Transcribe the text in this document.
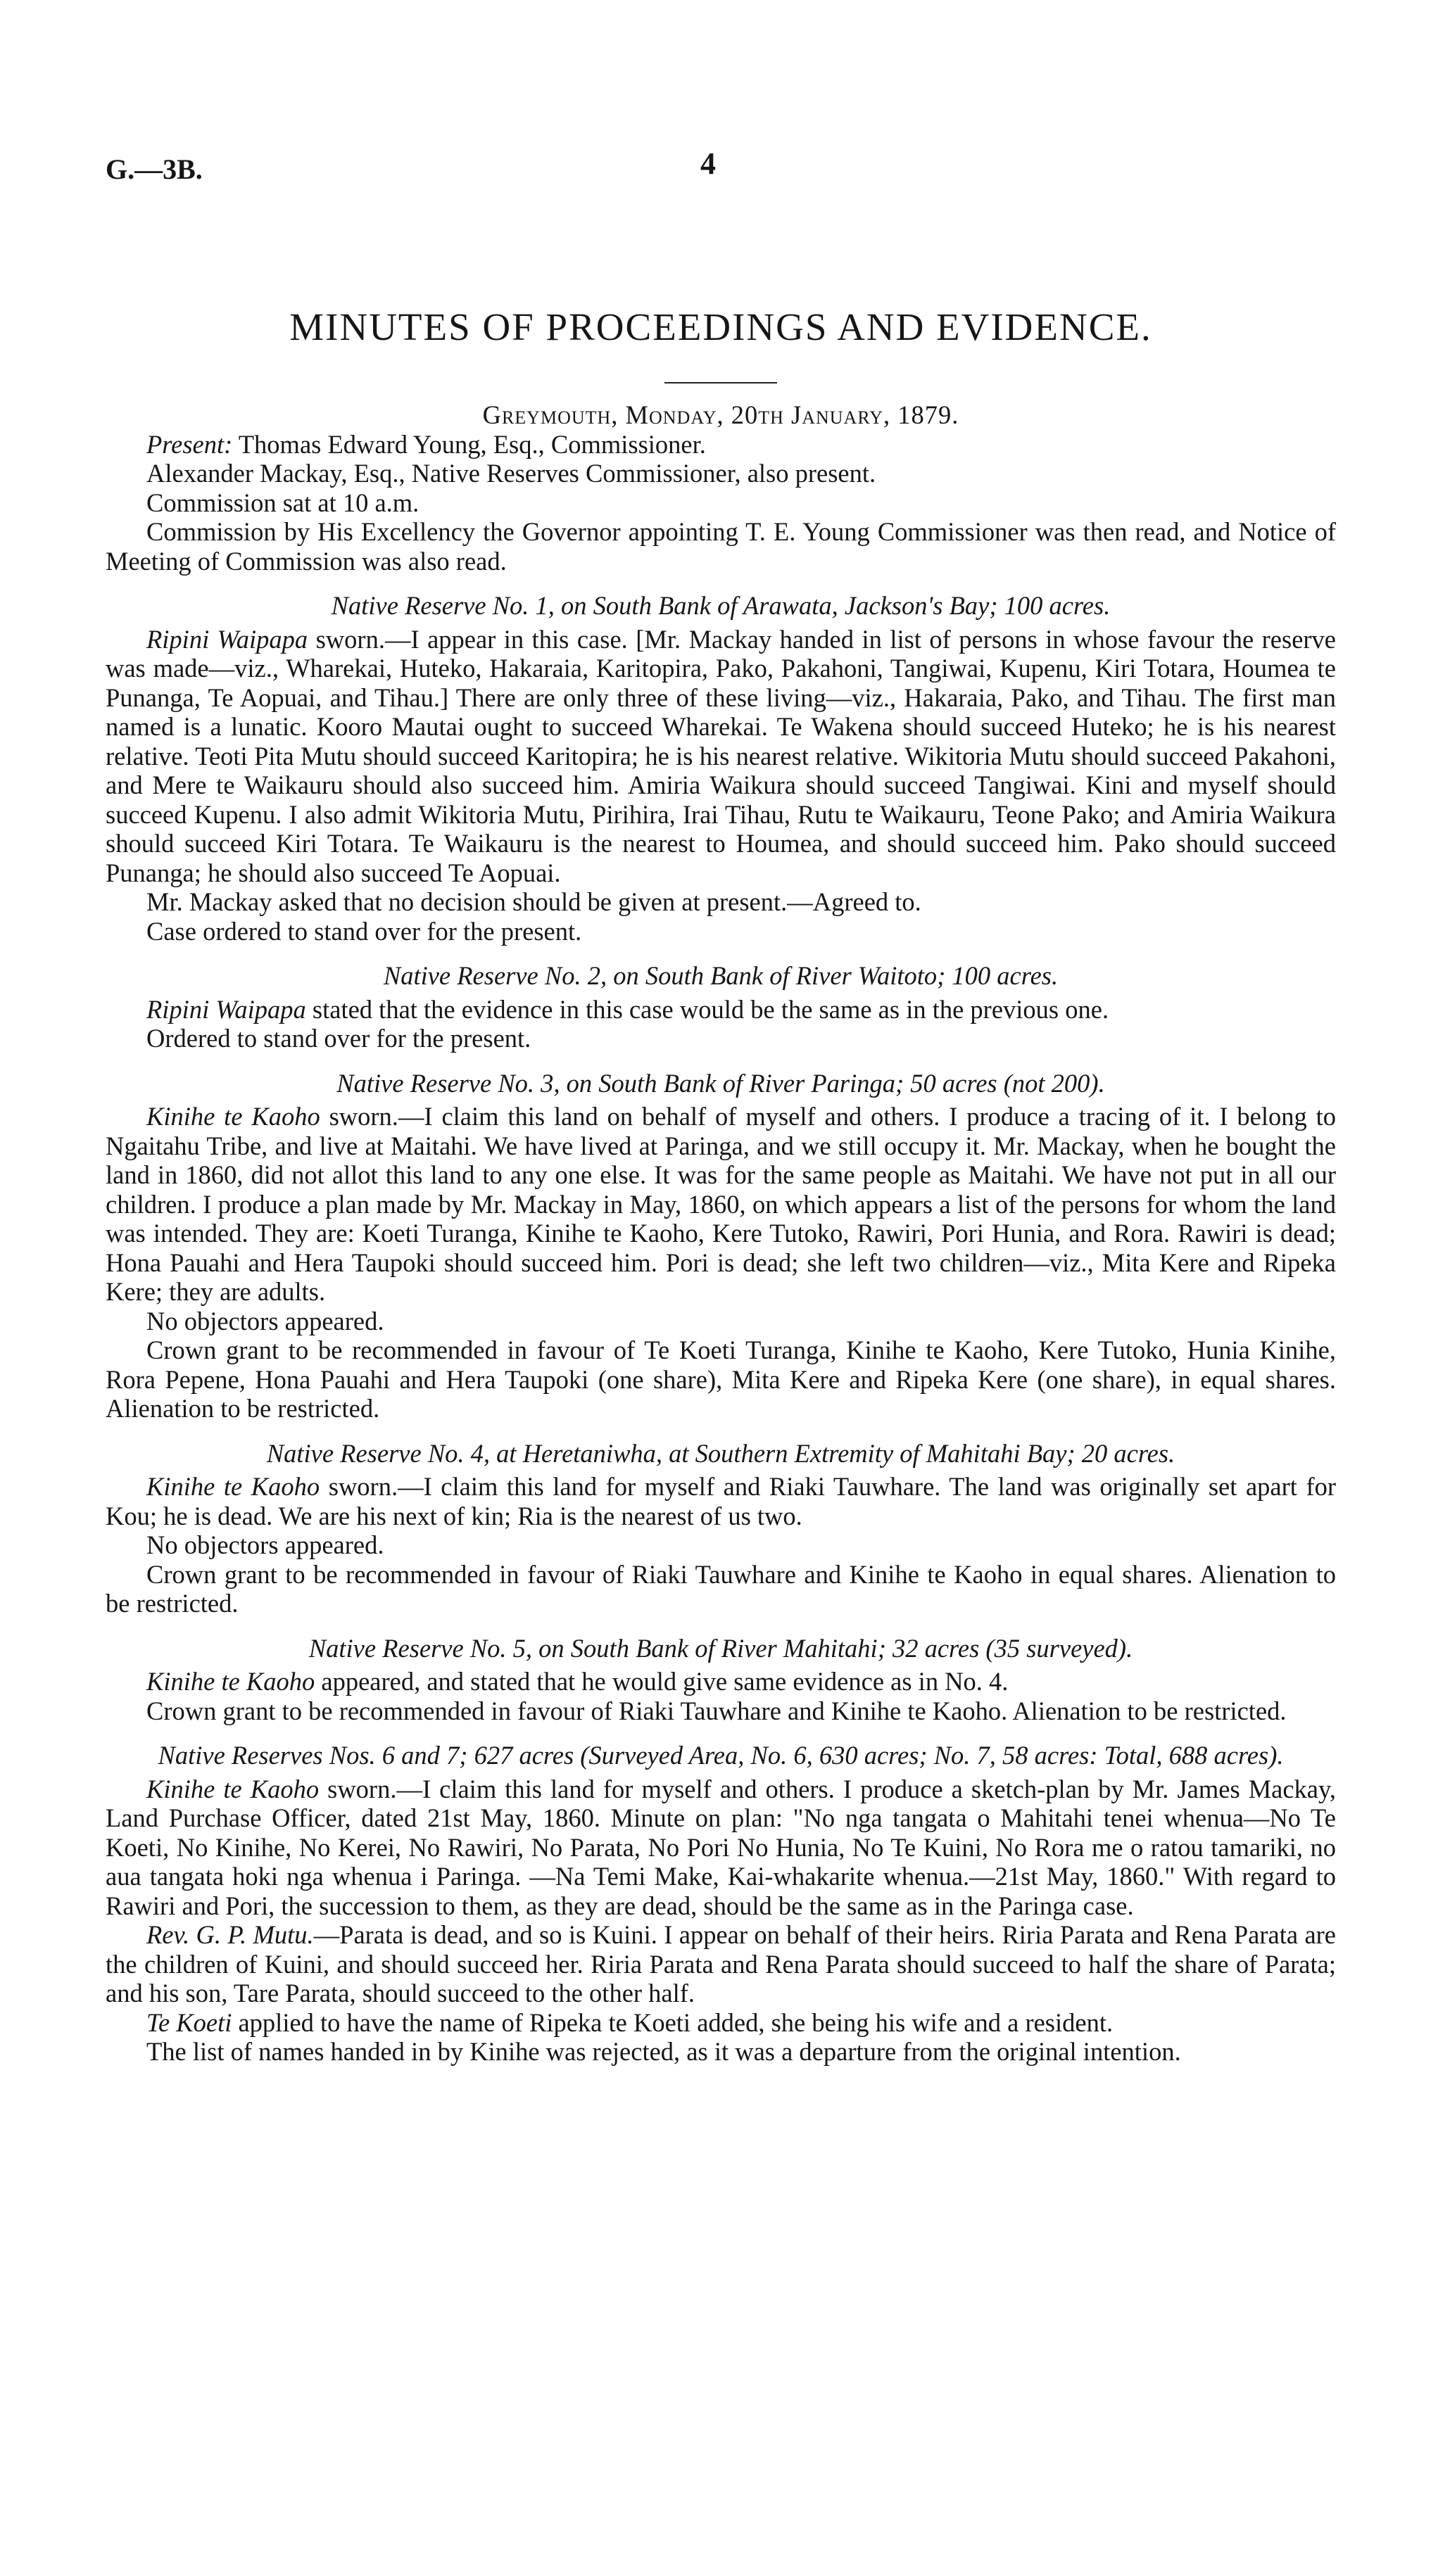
G.—3B.	4
MINUTES OF PROCEEDINGS AND EVIDENCE.
Greymouth, Monday, 20th January, 1879.

Present: Thomas Edward Young, Esq., Commissioner.

Alexander Mackay, Esq., Native Reserves Commissioner, also present.

Commission sat at 10 a.m.

Commission by His Excellency the Governor appointing T. E. Young Commissioner was then read, and Notice of Meeting of Commission was also read.

Native Reserve No. 1, on South Bank of Arawata, Jackson's Bay; 100 acres.

Ripini Waipapa sworn.—I appear in this case. [Mr. Mackay handed in list of persons in whose favour the reserve was made—viz., Wharekai, Huteko, Hakaraia, Karitopira, Pako, Pakahoni, Tangiwai, Kupenu, Kiri Totara, Houmea te Punanga, Te Aopuai, and Tihau.] There are only three of these living—viz., Hakaraia, Pako, and Tihau. The first man named is a lunatic. Kooro Mautai ought to succeed Wharekai. Te Wakena should succeed Huteko; he is his nearest relative. Teoti Pita Mutu should succeed Karitopira; he is his nearest relative. Wikitoria Mutu should succeed Pakahoni, and Mere te Waikauru should also succeed him. Amiria Waikura should succeed Tangiwai. Kini and myself should succeed Kupenu. I also admit Wikitoria Mutu, Pirihira, Irai Tihau, Rutu te Waikauru, Teone Pako; and Amiria Waikura should succeed Kiri Totara. Te Waikauru is the nearest to Houmea, and should succeed him. Pako should succeed Punanga; he should also succeed Te Aopuai.

Mr. Mackay asked that no decision should be given at present.—Agreed to.

Case ordered to stand over for the present.

Native Reserve No. 2, on South Bank of River Waitoto; 100 acres.

Ripini Waipapa stated that the evidence in this case would be the same as in the previous one.

Ordered to stand over for the present.

Native Reserve No. 3, on South Bank of River Paringa; 50 acres (not 200).

Kinihe te Kaoho sworn.—I claim this land on behalf of myself and others. I produce a tracing of it. I belong to Ngaitahu Tribe, and live at Maitahi. We have lived at Paringa, and we still occupy it. Mr. Mackay, when he bought the land in 1860, did not allot this land to any one else. It was for the same people as Maitahi. We have not put in all our children. I produce a plan made by Mr. Mackay in May, 1860, on which appears a list of the persons for whom the land was intended. They are: Koeti Turanga, Kinihe te Kaoho, Kere Tutoko, Rawiri, Pori Hunia, and Rora. Rawiri is dead; Hona Pauahi and Hera Taupoki should succeed him. Pori is dead; she left two children—viz., Mita Kere and Ripeka Kere; they are adults.

No objectors appeared.

Crown grant to be recommended in favour of Te Koeti Turanga, Kinihe te Kaoho, Kere Tutoko, Hunia Kinihe, Rora Pepene, Hona Pauahi and Hera Taupoki (one share), Mita Kere and Ripeka Kere (one share), in equal shares. Alienation to be restricted.

Native Reserve No. 4, at Heretaniwha, at Southern Extremity of Mahitahi Bay; 20 acres.

Kinihe te Kaoho sworn.—I claim this land for myself and Riaki Tauwhare. The land was originally set apart for Kou; he is dead. We are his next of kin; Ria is the nearest of us two.

No objectors appeared.

Crown grant to be recommended in favour of Riaki Tauwhare and Kinihe te Kaoho in equal shares. Alienation to be restricted.

Native Reserve No. 5, on South Bank of River Mahitahi; 32 acres (35 surveyed).

Kinihe te Kaoho appeared, and stated that he would give same evidence as in No. 4.

Crown grant to be recommended in favour of Riaki Tauwhare and Kinihe te Kaoho. Alienation to be restricted.

Native Reserves Nos. 6 and 7; 627 acres (Surveyed Area, No. 6, 630 acres; No. 7, 58 acres: Total, 688 acres).

Kinihe te Kaoho sworn.—I claim this land for myself and others. I produce a sketch-plan by Mr. James Mackay, Land Purchase Officer, dated 21st May, 1860. Minute on plan: "No nga tangata o Mahitahi tenei whenua—No Te Koeti, No Kinihe, No Kerei, No Rawiri, No Parata, No Pori No Hunia, No Te Kuini, No Rora me o ratou tamariki, no aua tangata hoki nga whenua i Paringa. —Na Temi Make, Kai-whakarite whenua.—21st May, 1860." With regard to Rawiri and Pori, the succession to them, as they are dead, should be the same as in the Paringa case.

Rev. G. P. Mutu.—Parata is dead, and so is Kuini. I appear on behalf of their heirs. Riria Parata and Rena Parata are the children of Kuini, and should succeed her. Riria Parata and Rena Parata should succeed to half the share of Parata; and his son, Tare Parata, should succeed to the other half.

Te Koeti applied to have the name of Ripeka te Koeti added, she being his wife and a resident.

The list of names handed in by Kinihe was rejected, as it was a departure from the original intention.
